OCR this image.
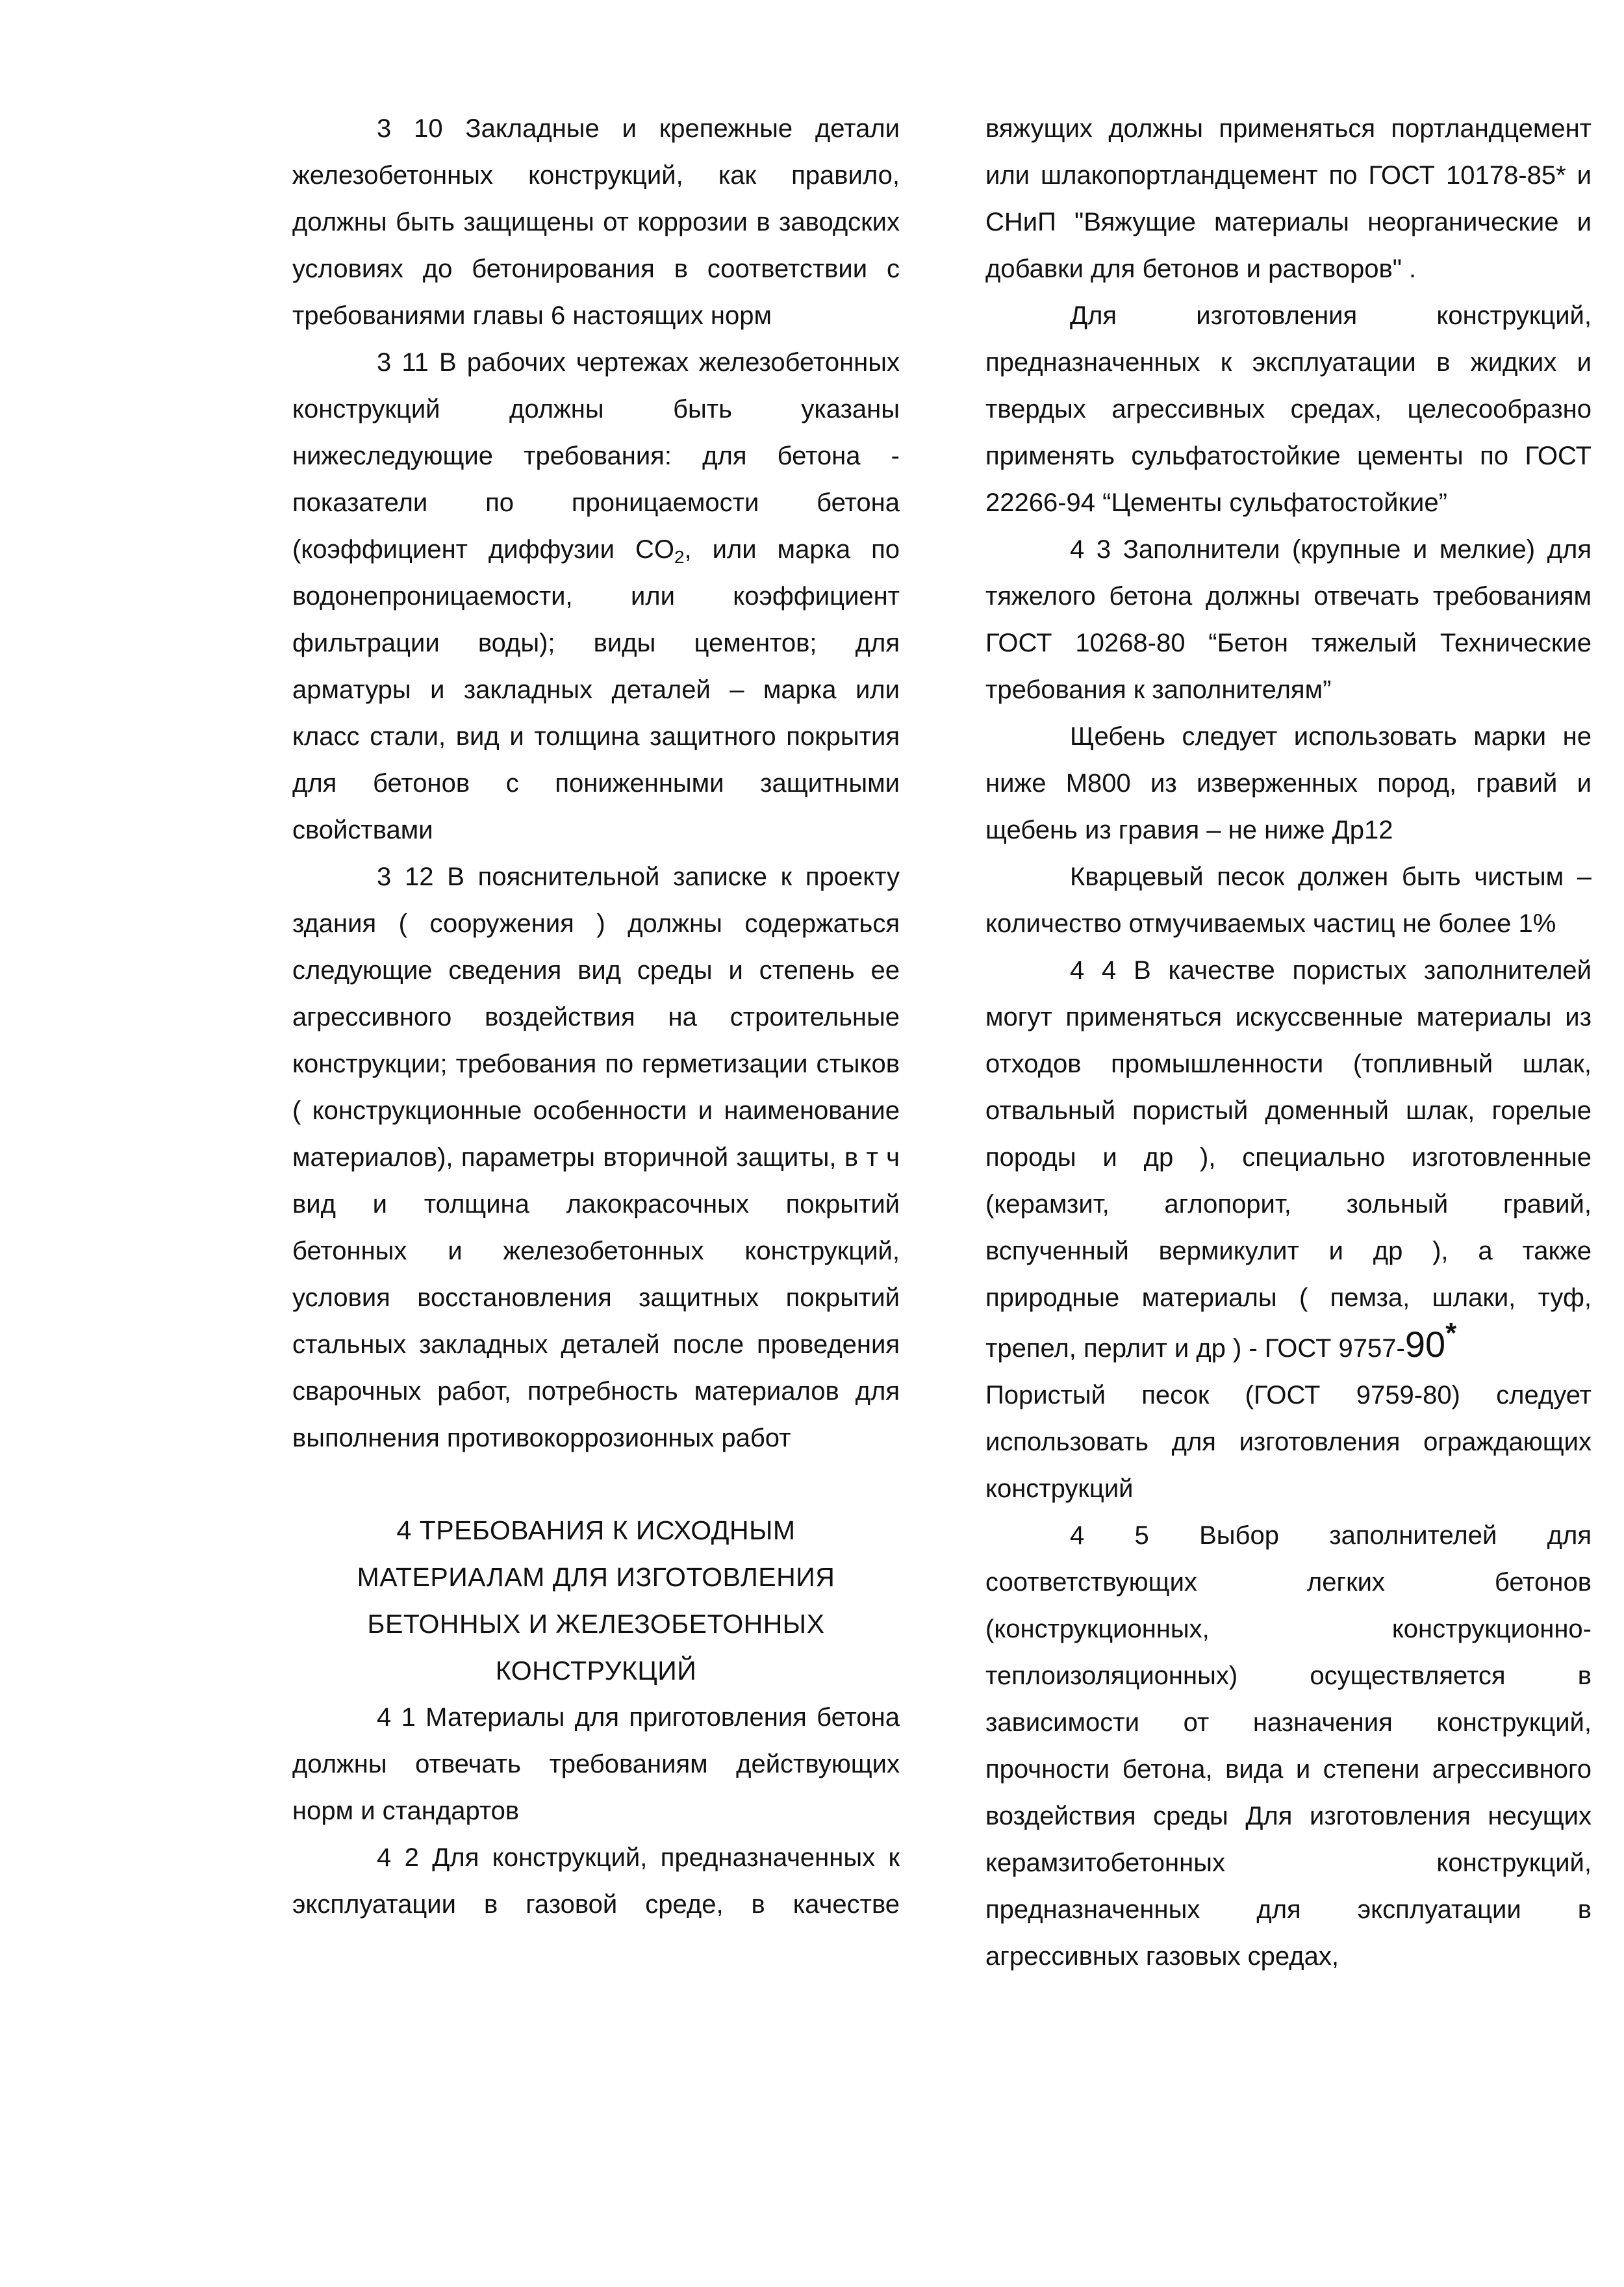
3 10 Закладные и крепежные детали железобетонных конструкций, как правило, должны быть защищены от коррозии в заводских условиях до бетонирования в соответствии с требованиями главы 6 настоящих норм

3 11 В рабочих чертежах железобетонных конструкций должны быть указаны нижеследующие требования: для бетона - показатели по проницаемости бетона (коэффициент диффузии $CO_2$, или марка по водонепроницаемости, или коэффициент фильтрации воды); виды цементов; для арматуры и закладных деталей – марка или класс стали, вид и толщина защитного покрытия для бетонов с пониженными защитными свойствами

3 12 В пояснительной записке к проекту здания ( сооружения ) должны содержаться следующие сведения вид среды и степень ее агрессивного воздействия на строительные конструкции; требования по герметизации стыков ( конструкционные особенности и наименование материалов), параметры вторичной защиты, в т ч вид и толщина лакокрасочных покрытий бетонных и железобетонных конструкций, условия восстановления защитных покрытий стальных закладных деталей после проведения сварочных работ, потребность материалов для выполнения противокоррозионных работ

4 ТРЕБОВАНИЯ К ИСХОДНЫМ

МАТЕРИАЛАМ ДЛЯ ИЗГОТОВЛЕНИЯ

БЕТОННЫХ И ЖЕЛЕЗОБЕТОННЫХ

КОНСТРУКЦИЙ

4 1 Материалы для приготовления бетона должны отвечать требованиям действующих норм и стандартов

4 2 Для конструкций, предназначенных к эксплуатации в газовой среде, в качестве

вяжущих должны применяться портландцемент или шлакопортландцемент по ГОСТ 10178-85* и СНиП "Вяжущие материалы неорганические и добавки для бетонов и растворов" .

Для изготовления конструкций, предназначенных к эксплуатации в жидких и твердых агрессивных средах, целесообразно применять сульфатостойкие цементы по ГОСТ 22266-94 “Цементы сульфатостойкие”

4 3 Заполнители (крупные и мелкие) для тяжелого бетона должны отвечать требованиям ГОСТ 10268-80 “Бетон тяжелый Технические требования к заполнителям”

Щебень следует использовать марки не ниже М800 из изверженных пород, гравий и щебень из гравия – не ниже Др12

Кварцевый песок должен быть чистым – количество отмучиваемых частиц не более 1%

4 4 В качестве пористых заполнителей могут применяться искуссвенные материалы из отходов промышленности (топливный шлак, отвальный пористый доменный шлак, горелые породы и др ), специально изготовленные (керамзит, аглопорит, зольный гравий, вспученный вермикулит и др ), а также природные материалы ( пемза, шлаки, туф, трепел, перлит и др ) - ГОСТ 9757-90*

Пористый песок (ГОСТ 9759-80) следует использовать для изготовления ограждающих конструкций

4 5 Выбор заполнителей для соответствующих легких бетонов (конструкционных, конструкционно-теплоизоляционных) осуществляется в зависимости от назначения конструкций, прочности бетона, вида и степени агрессивного воздействия среды Для изготовления несущих керамзитобетонных конструкций, предназначенных для эксплуатации в агрессивных газовых средах,
